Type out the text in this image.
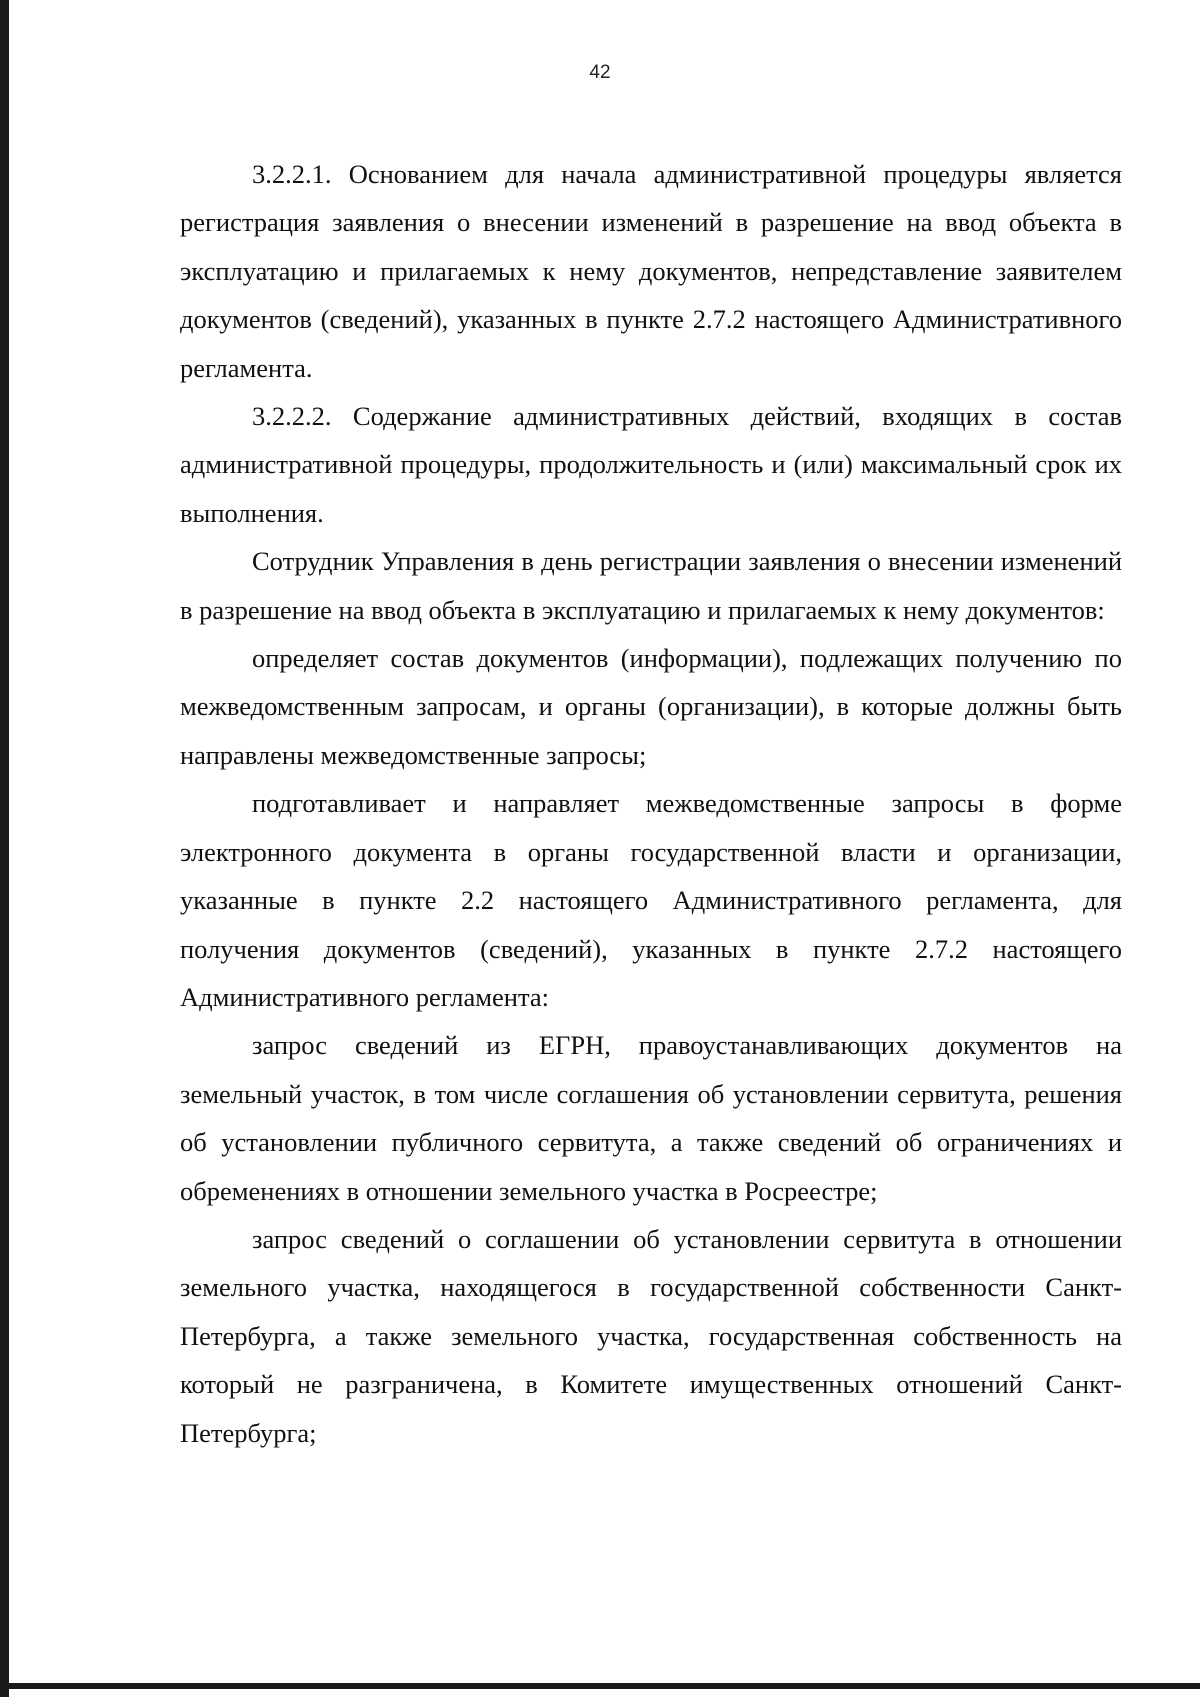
42

3.2.2.1. Основанием для начала административной процедуры является регистрация заявления о внесении изменений в разрешение на ввод объекта в эксплуатацию и прилагаемых к нему документов, непредставление заявителем документов (сведений), указанных в пункте 2.7.2 настоящего Административного регламента.

3.2.2.2. Содержание административных действий, входящих в состав административной процедуры, продолжительность и (или) максимальный срок их выполнения.

Сотрудник Управления в день регистрации заявления о внесении изменений в разрешение на ввод объекта в эксплуатацию и прилагаемых к нему документов:

определяет состав документов (информации), подлежащих получению по межведомственным запросам, и органы (организации), в которые должны быть направлены межведомственные запросы;

подготавливает и направляет межведомственные запросы в форме электронного документа в органы государственной власти и организации, указанные в пункте 2.2 настоящего Административного регламента, для получения документов (сведений), указанных в пункте 2.7.2 настоящего Административного регламента:

запрос сведений из ЕГРН, правоустанавливающих документов на земельный участок, в том числе соглашения об установлении сервитута, решения об установлении публичного сервитута, а также сведений об ограничениях и обременениях в отношении земельного участка в Росреестре;

запрос сведений о соглашении об установлении сервитута в отношении земельного участка, находящегося в государственной собственности Санкт-Петербурга, а также земельного участка, государственная собственность на который не разграничена, в Комитете имущественных отношений Санкт-Петербурга;
